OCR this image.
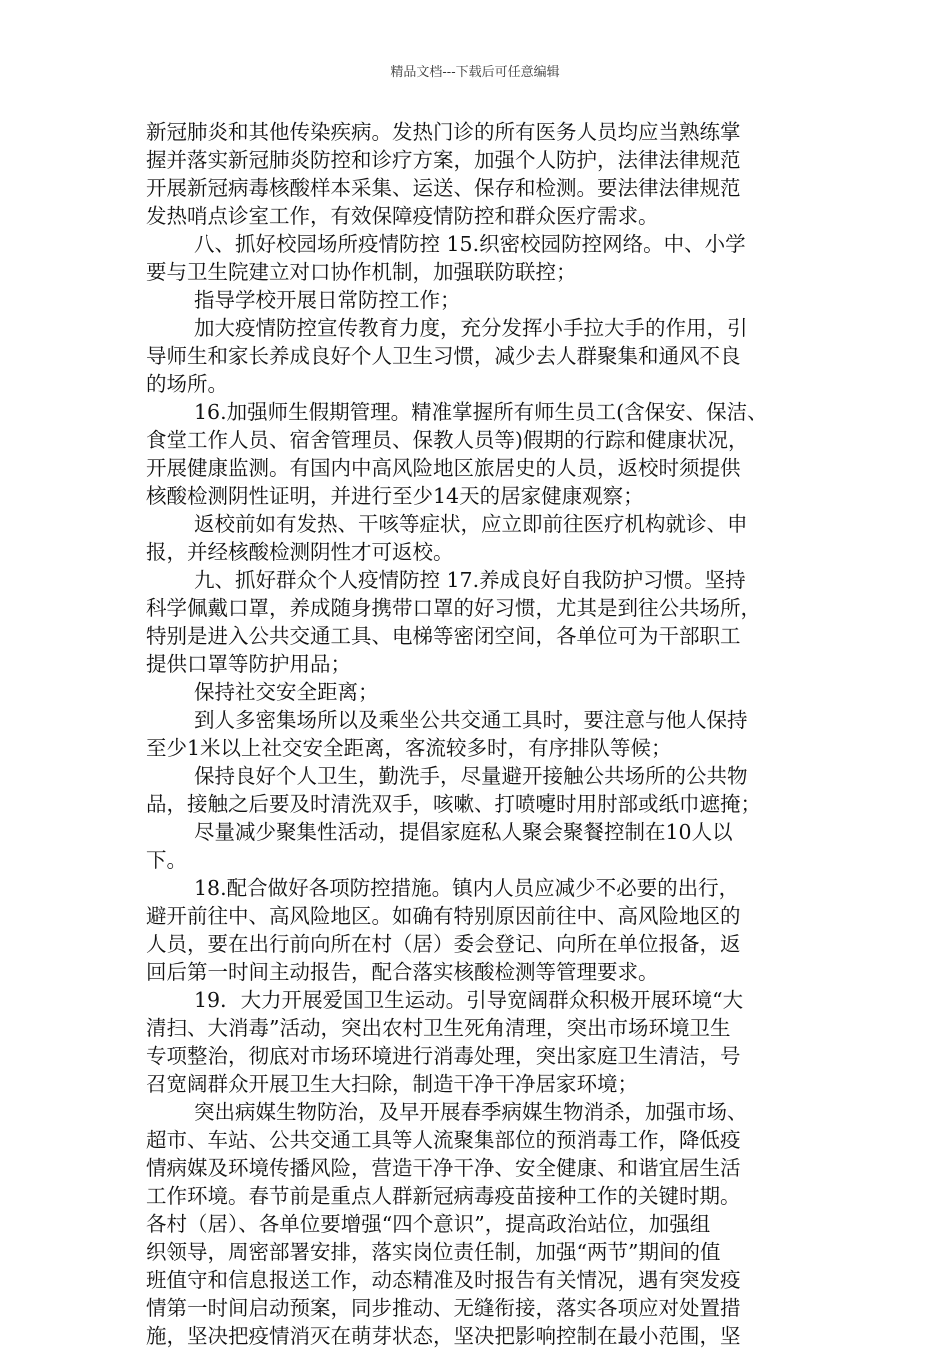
精品文档---下载后可任意编辑
新冠肺炎和其他传染疾病。发热门诊的所有医务人员均应当熟练掌
握并落实新冠肺炎防控和诊疗方案，加强个人防护，法律法律规范
开展新冠病毒核酸样本采集、运送、保存和检测。要法律法律规范
发热哨点诊室工作，有效保障疫情防控和群众医疗需求。
八、抓好校园场所疫情防控 15.织密校园防控网络。中、小学
要与卫生院建立对口协作机制，加强联防联控；
指导学校开展日常防控工作；
加大疫情防控宣传教育力度，充分发挥小手拉大手的作用，引
导师生和家长养成良好个人卫生习惯，减少去人群聚集和通风不良
的场所。
16.加强师生假期管理。精准掌握所有师生员工(含保安、保洁、
食堂工作人员、宿舍管理员、保教人员等)假期的行踪和健康状况，
开展健康监测。有国内中高风险地区旅居史的人员，返校时须提供
核酸检测阴性证明，并进行至少14天的居家健康观察；
返校前如有发热、干咳等症状，应立即前往医疗机构就诊、申
报，并经核酸检测阴性才可返校。
九、抓好群众个人疫情防控 17.养成良好自我防护习惯。坚持
科学佩戴口罩，养成随身携带口罩的好习惯，尤其是到往公共场所，
特别是进入公共交通工具、电梯等密闭空间，各单位可为干部职工
提供口罩等防护用品；
保持社交安全距离；
到人多密集场所以及乘坐公共交通工具时，要注意与他人保持
至少1米以上社交安全距离，客流较多时，有序排队等候；
保持良好个人卫生，勤洗手，尽量避开接触公共场所的公共物
品，接触之后要及时清洗双手，咳嗽、打喷嚏时用肘部或纸巾遮掩；
尽量减少聚集性活动，提倡家庭私人聚会聚餐控制在10人以
下。
18.配合做好各项防控措施。镇内人员应减少不必要的出行，
避开前往中、高风险地区。如确有特别原因前往中、高风险地区的
人员，要在出行前向所在村（居）委会登记、向所在单位报备，返
回后第一时间主动报告，配合落实核酸检测等管理要求。
19．大力开展爱国卫生运动。引导宽阔群众积极开展环境“大
清扫、大消毒”活动，突出农村卫生死角清理，突出市场环境卫生
专项整治，彻底对市场环境进行消毒处理，突出家庭卫生清洁，号
召宽阔群众开展卫生大扫除，制造干净干净居家环境；
突出病媒生物防治，及早开展春季病媒生物消杀，加强市场、
超市、车站、公共交通工具等人流聚集部位的预消毒工作，降低疫
情病媒及环境传播风险，营造干净干净、安全健康、和谐宜居生活
工作环境。春节前是重点人群新冠病毒疫苗接种工作的关键时期。
各村（居）、各单位要增强“四个意识”，提高政治站位，加强组
织领导，周密部署安排，落实岗位责任制，加强“两节”期间的值
班值守和信息报送工作，动态精准及时报告有关情况，遇有突发疫
情第一时间启动预案，同步推动、无缝衔接，落实各项应对处置措
施，坚决把疫情消灭在萌芽状态，坚决把影响控制在最小范围，坚
